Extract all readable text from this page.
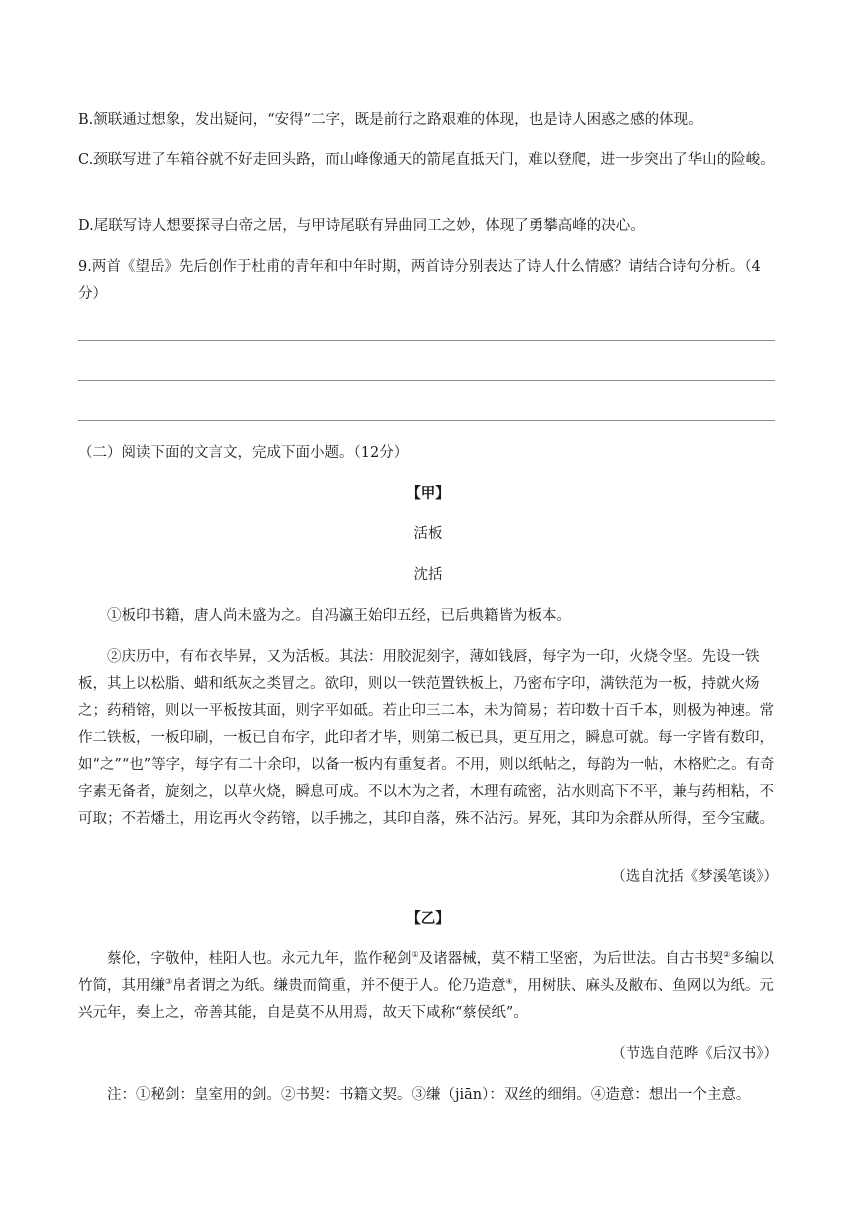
B.颔联通过想象，发出疑问，“安得”二字，既是前行之路艰难的体现，也是诗人困惑之感的体现。

C.颈联写进了车箱谷就不好走回头路，而山峰像通天的箭尾直抵天门，难以登爬，进一步突出了华山的险峻。

D.尾联写诗人想要探寻白帝之居，与甲诗尾联有异曲同工之妙，体现了勇攀高峰的决心。

9.两首《望岳》先后创作于杜甫的青年和中年时期，两首诗分别表达了诗人什么情感？请结合诗句分析。（4分）

（二）阅读下面的文言文，完成下面小题。（12分）

【甲】

活板

沈括

①板印书籍，唐人尚未盛为之。自冯瀛王始印五经，已后典籍皆为板本。

②庆历中，有布衣毕昇，又为活板。其法：用胶泥刻字，薄如钱唇，每字为一印，火烧令坚。先设一铁板，其上以松脂、蜡和纸灰之类冒之。欲印，则以一铁范置铁板上，乃密布字印，满铁范为一板，持就火炀之；药稍镕，则以一平板按其面，则字平如砥。若止印三二本，未为简易；若印数十百千本，则极为神速。常作二铁板，一板印刷，一板已自布字，此印者才毕，则第二板已具，更互用之，瞬息可就。每一字皆有数印，如“之”“也”等字，每字有二十余印，以备一板内有重复者。不用，则以纸帖之，每韵为一帖，木格贮之。有奇字素无备者，旋刻之，以草火烧，瞬息可成。不以木为之者，木理有疏密，沾水则高下不平，兼与药相粘，不可取；不若燔土，用讫再火令药镕，以手拂之，其印自落，殊不沾污。昇死，其印为余群从所得，至今宝藏。

（选自沈括《梦溪笔谈》）

【乙】

蔡伦，字敬仲，桂阳人也。永元九年，监作秘剑①及诸器械，莫不精工坚密，为后世法。自古书契②多编以竹简，其用缣③帛者谓之为纸。缣贵而简重，并不便于人。伦乃造意④，用树肤、麻头及敝布、鱼网以为纸。元兴元年，奏上之，帝善其能，自是莫不从用焉，故天下咸称“蔡侯纸”。

（节选自范晔《后汉书》）

注：①秘剑：皇室用的剑。②书契：书籍文契。③缣（jiān）：双丝的细绢。④造意：想出一个主意。
